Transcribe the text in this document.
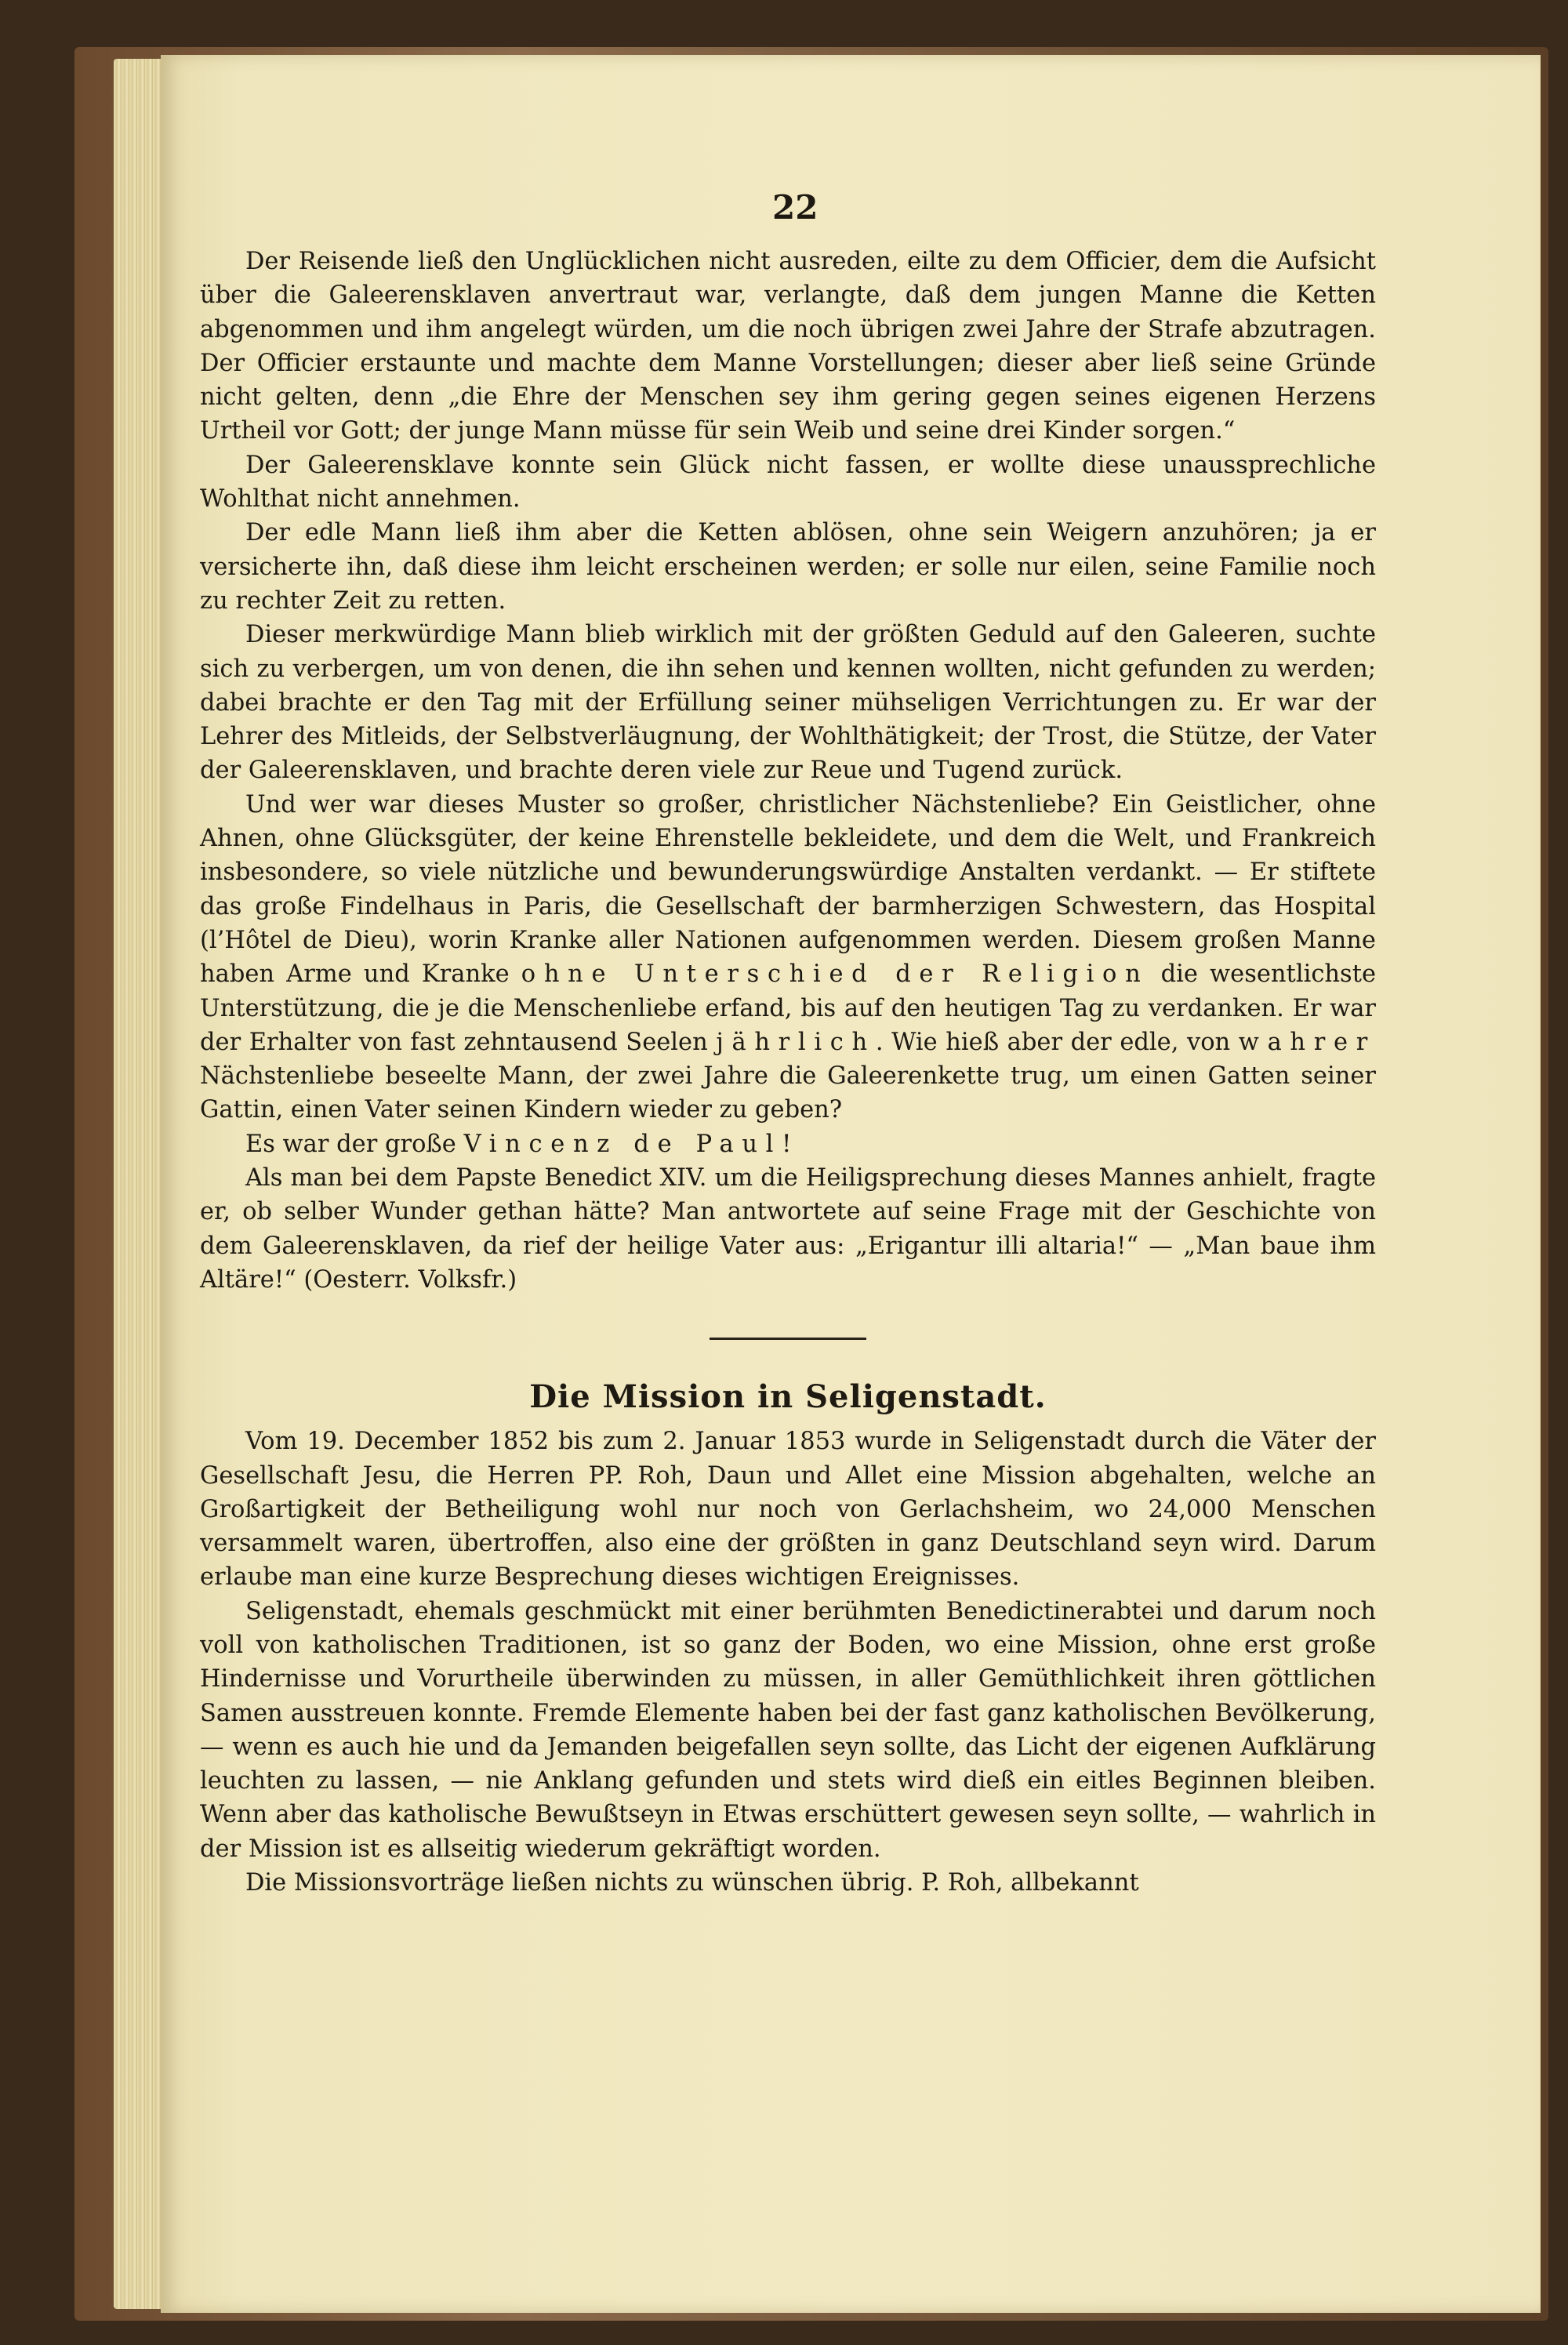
22

Der Reisende ließ den Unglücklichen nicht ausreden, eilte zu dem Officier, dem die Aufsicht über die Galeerensklaven anvertraut war, verlangte, daß dem jungen Manne die Ketten abgenommen und ihm angelegt würden, um die noch übrigen zwei Jahre der Strafe abzutragen. Der Officier erstaunte und machte dem Manne Vorstellungen; dieser aber ließ seine Gründe nicht gelten, denn „die Ehre der Menschen sey ihm gering gegen seines eigenen Herzens Urtheil vor Gott; der junge Mann müsse für sein Weib und seine drei Kinder sorgen.“

Der Galeerensklave konnte sein Glück nicht fassen, er wollte diese unaussprechliche Wohlthat nicht annehmen.

Der edle Mann ließ ihm aber die Ketten ablösen, ohne sein Weigern anzuhören; ja er versicherte ihn, daß diese ihm leicht erscheinen werden; er solle nur eilen, seine Familie noch zu rechter Zeit zu retten.

Dieser merkwürdige Mann blieb wirklich mit der größten Geduld auf den Galeeren, suchte sich zu verbergen, um von denen, die ihn sehen und kennen wollten, nicht gefunden zu werden; dabei brachte er den Tag mit der Erfüllung seiner mühseligen Verrichtungen zu. Er war der Lehrer des Mitleids, der Selbstverläugnung, der Wohlthätigkeit; der Trost, die Stütze, der Vater der Galeerensklaven, und brachte deren viele zur Reue und Tugend zurück.

Und wer war dieses Muster so großer, christlicher Nächstenliebe? Ein Geistlicher, ohne Ahnen, ohne Glücksgüter, der keine Ehrenstelle bekleidete, und dem die Welt, und Frankreich insbesondere, so viele nützliche und bewunderungswürdige Anstalten verdankt. — Er stiftete das große Findelhaus in Paris, die Gesellschaft der barmherzigen Schwestern, das Hospital (l’Hôtel de Dieu), worin Kranke aller Nationen aufgenommen werden. Diesem großen Manne haben Arme und Kranke ohne Unterschied der Religion die wesentlichste Unterstützung, die je die Menschenliebe erfand, bis auf den heutigen Tag zu verdanken. Er war der Erhalter von fast zehntausend Seelen jährlich. Wie hieß aber der edle, von wahrer Nächstenliebe beseelte Mann, der zwei Jahre die Galeerenkette trug, um einen Gatten seiner Gattin, einen Vater seinen Kindern wieder zu geben?

Es war der große Vincenz de Paul!

Als man bei dem Papste Benedict XIV. um die Heiligsprechung dieses Mannes anhielt, fragte er, ob selber Wunder gethan hätte? Man antwortete auf seine Frage mit der Geschichte von dem Galeerensklaven, da rief der heilige Vater aus: „Erigantur illi altaria!“ — „Man baue ihm Altäre!“ (Oesterr. Volksfr.)

Die Mission in Seligenstadt.

Vom 19. December 1852 bis zum 2. Januar 1853 wurde in Seligenstadt durch die Väter der Gesellschaft Jesu, die Herren PP. Roh, Daun und Allet eine Mission abgehalten, welche an Großartigkeit der Betheiligung wohl nur noch von Gerlachsheim, wo 24,000 Menschen versammelt waren, übertroffen, also eine der größten in ganz Deutschland seyn wird. Darum erlaube man eine kurze Besprechung dieses wichtigen Ereignisses.

Seligenstadt, ehemals geschmückt mit einer berühmten Benedictinerabtei und darum noch voll von katholischen Traditionen, ist so ganz der Boden, wo eine Mission, ohne erst große Hindernisse und Vorurtheile überwinden zu müssen, in aller Gemüthlichkeit ihren göttlichen Samen ausstreuen konnte. Fremde Elemente haben bei der fast ganz katholischen Bevölkerung, — wenn es auch hie und da Jemanden beigefallen seyn sollte, das Licht der eigenen Aufklärung leuchten zu lassen, — nie Anklang gefunden und stets wird dieß ein eitles Beginnen bleiben. Wenn aber das katholische Bewußtseyn in Etwas erschüttert gewesen seyn sollte, — wahrlich in der Mission ist es allseitig wiederum gekräftigt worden.

Die Missionsvorträge ließen nichts zu wünschen übrig. P. Roh, allbekannt
